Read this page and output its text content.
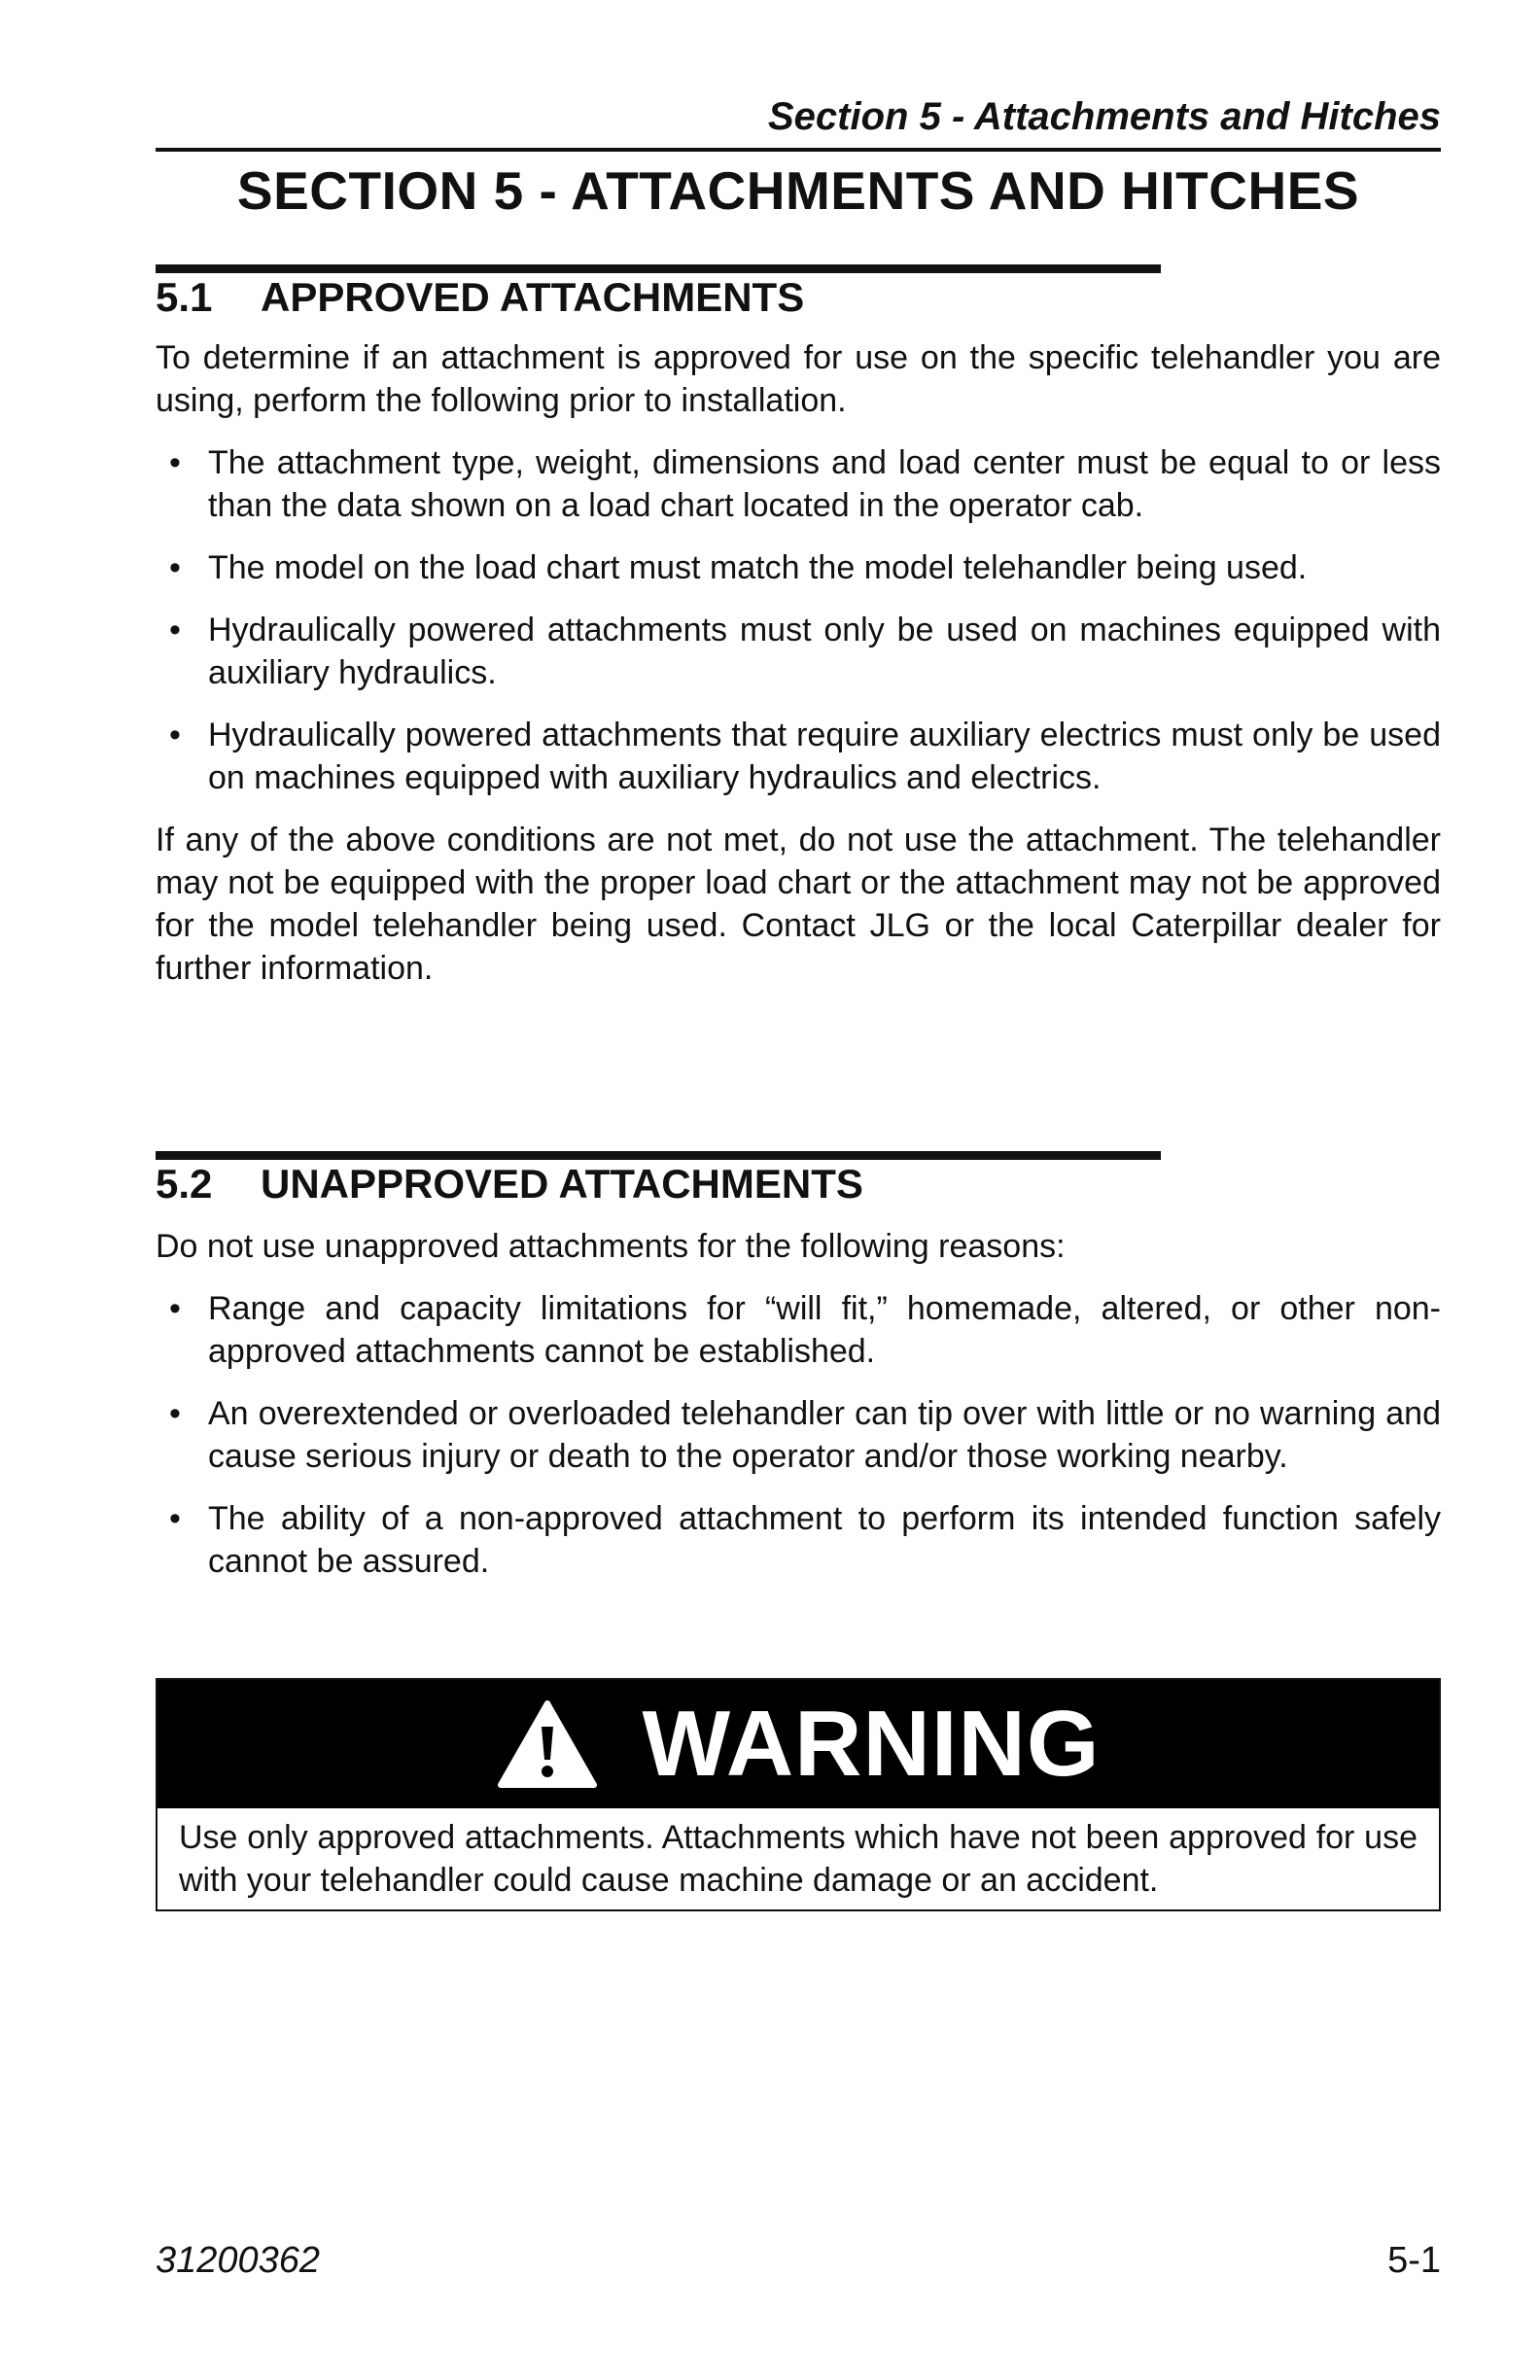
Section 5 - Attachments and Hitches
SECTION 5 - ATTACHMENTS AND HITCHES
5.1 APPROVED ATTACHMENTS

To determine if an attachment is approved for use on the specific telehandler you are using, perform the following prior to installation.

• The attachment type, weight, dimensions and load center must be equal to or less than the data shown on a load chart located in the operator cab.
• The model on the load chart must match the model telehandler being used.
• Hydraulically powered attachments must only be used on machines equipped with auxiliary hydraulics.
• Hydraulically powered attachments that require auxiliary electrics must only be used on machines equipped with auxiliary hydraulics and electrics.

If any of the above conditions are not met, do not use the attachment. The telehandler may not be equipped with the proper load chart or the attachment may not be approved for the model telehandler being used. Contact JLG or the local Caterpillar dealer for further information.

5.2 UNAPPROVED ATTACHMENTS

Do not use unapproved attachments for the following reasons:

• Range and capacity limitations for “will fit,” homemade, altered, or other non-approved attachments cannot be established.
• An overextended or overloaded telehandler can tip over with little or no warning and cause serious injury or death to the operator and/or those working nearby.
• The ability of a non-approved attachment to perform its intended function safely cannot be assured.
WARNING
Use only approved attachments. Attachments which have not been approved for use with your telehandler could cause machine damage or an accident.
31200362	5-1
